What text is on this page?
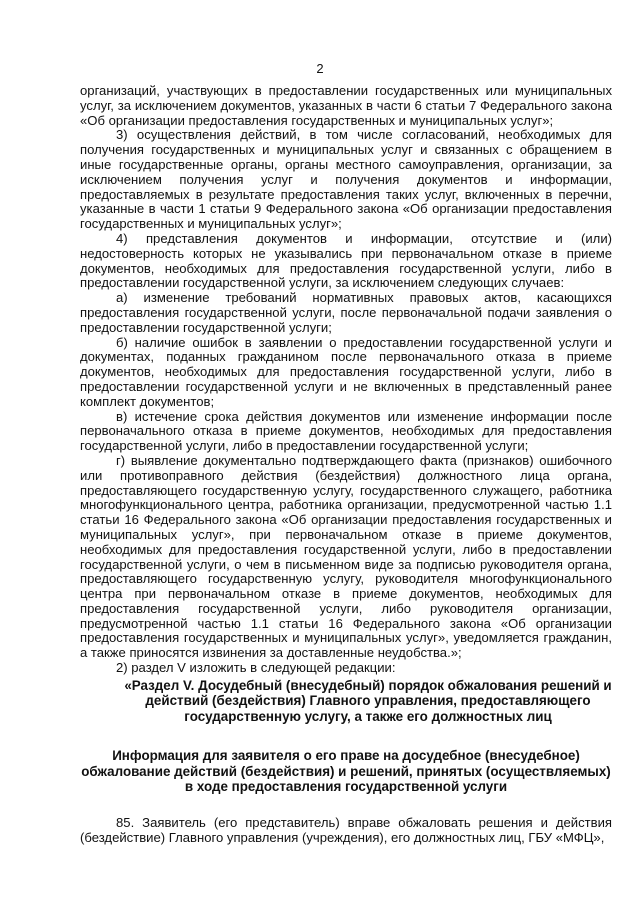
2

организаций, участвующих в предоставлении государственных или муниципальных услуг, за исключением документов, указанных в части 6 статьи 7 Федерального закона «Об организации предоставления государственных и муниципальных услуг»;

3) осуществления действий, в том числе согласований, необходимых для получения государственных и муниципальных услуг и связанных с обращением в иные государственные органы, органы местного самоуправления, организации, за исключением получения услуг и получения документов и информации, предоставляемых в результате предоставления таких услуг, включенных в перечни, указанные в части 1 статьи 9 Федерального закона «Об организации предоставления государственных и муниципальных услуг»;

4) представления документов и информации, отсутствие и (или) недостоверность которых не указывались при первоначальном отказе в приеме документов, необходимых для предоставления государственной услуги, либо в предоставлении государственной услуги, за исключением следующих случаев:

а) изменение требований нормативных правовых актов, касающихся предоставления государственной услуги, после первоначальной подачи заявления о предоставлении государственной услуги;

б) наличие ошибок в заявлении о предоставлении государственной услуги и документах, поданных гражданином после первоначального отказа в приеме документов, необходимых для предоставления государственной услуги, либо в предоставлении государственной услуги и не включенных в представленный ранее комплект документов;

в) истечение срока действия документов или изменение информации после первоначального отказа в приеме документов, необходимых для предоставления государственной услуги, либо в предоставлении государственной услуги;

г) выявление документально подтверждающего факта (признаков) ошибочного или противоправного действия (бездействия) должностного лица органа, предоставляющего государственную услугу, государственного служащего, работника многофункционального центра, работника организации, предусмотренной частью 1.1 статьи 16 Федерального закона «Об организации предоставления государственных и муниципальных услуг», при первоначальном отказе в приеме документов, необходимых для предоставления государственной услуги, либо в предоставлении государственной услуги, о чем в письменном виде за подписью руководителя органа, предоставляющего государственную услугу, руководителя многофункционального центра при первоначальном отказе в приеме документов, необходимых для предоставления государственной услуги, либо руководителя организации, предусмотренной частью 1.1 статьи 16 Федерального закона «Об организации предоставления государственных и муниципальных услуг», уведомляется гражданин, а также приносятся извинения за доставленные неудобства.»;

2) раздел V изложить в следующей редакции:

«Раздел V. Досудебный (внесудебный) порядок обжалования решений и действий (бездействия) Главного управления, предоставляющего государственную услугу, а также его должностных лиц

Информация для заявителя о его праве на досудебное (внесудебное) обжалование действий (бездействия) и решений, принятых (осуществляемых) в ходе предоставления государственной услуги

85. Заявитель (его представитель) вправе обжаловать решения и действия (бездействие) Главного управления (учреждения), его должностных лиц, ГБУ «МФЦ»,
